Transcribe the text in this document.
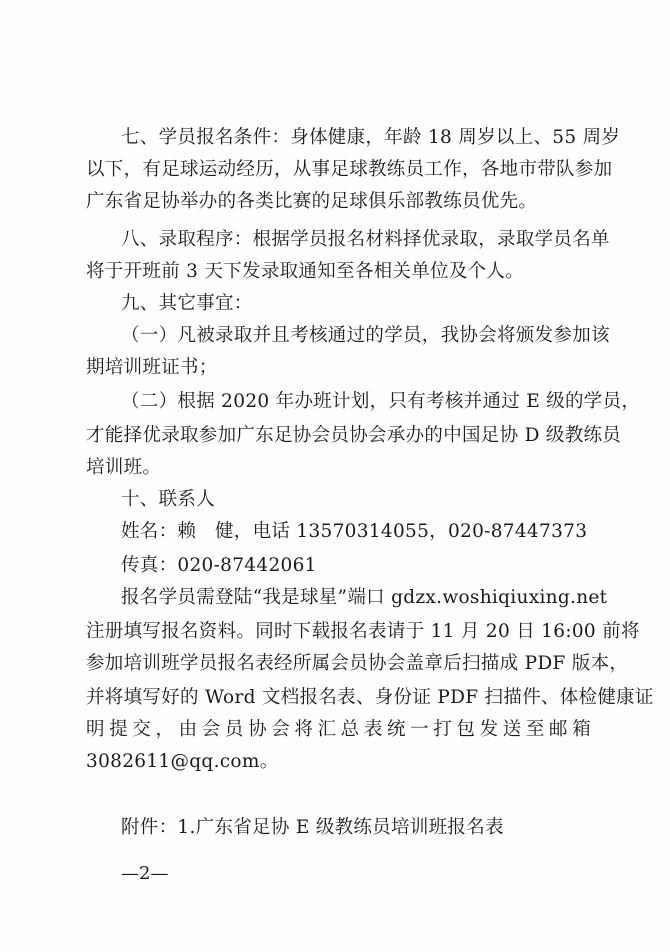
七、学员报名条件：身体健康，年龄 18 周岁以上、55 周岁
以下，有足球运动经历，从事足球教练员工作，各地市带队参加
广东省足协举办的各类比赛的足球俱乐部教练员优先。
八、录取程序：根据学员报名材料择优录取，录取学员名单
将于开班前 3 天下发录取通知至各相关单位及个人。
九、其它事宜：
（一）凡被录取并且考核通过的学员，我协会将颁发参加该
期培训班证书；
（二）根据 2020 年办班计划，只有考核并通过 E 级的学员，
才能择优录取参加广东足协会员协会承办的中国足协 D 级教练员
培训班。
十、联系人
姓名：赖　健，电话 13570314055，020-87447373
传真：020-87442061
报名学员需登陆“我是球星”端口 gdzx.woshiqiuxing.net
注册填写报名资料。同时下载报名表请于 11 月 20 日 16:00 前将
参加培训班学员报名表经所属会员协会盖章后扫描成 PDF 版本，
并将填写好的 Word 文档报名表、身份证 PDF 扫描件、体检健康证
明提交，由会员协会将汇总表统一打包发送至邮箱
3082611@qq.com。
附件：1.广东省足协 E 级教练员培训班报名表
—2—
